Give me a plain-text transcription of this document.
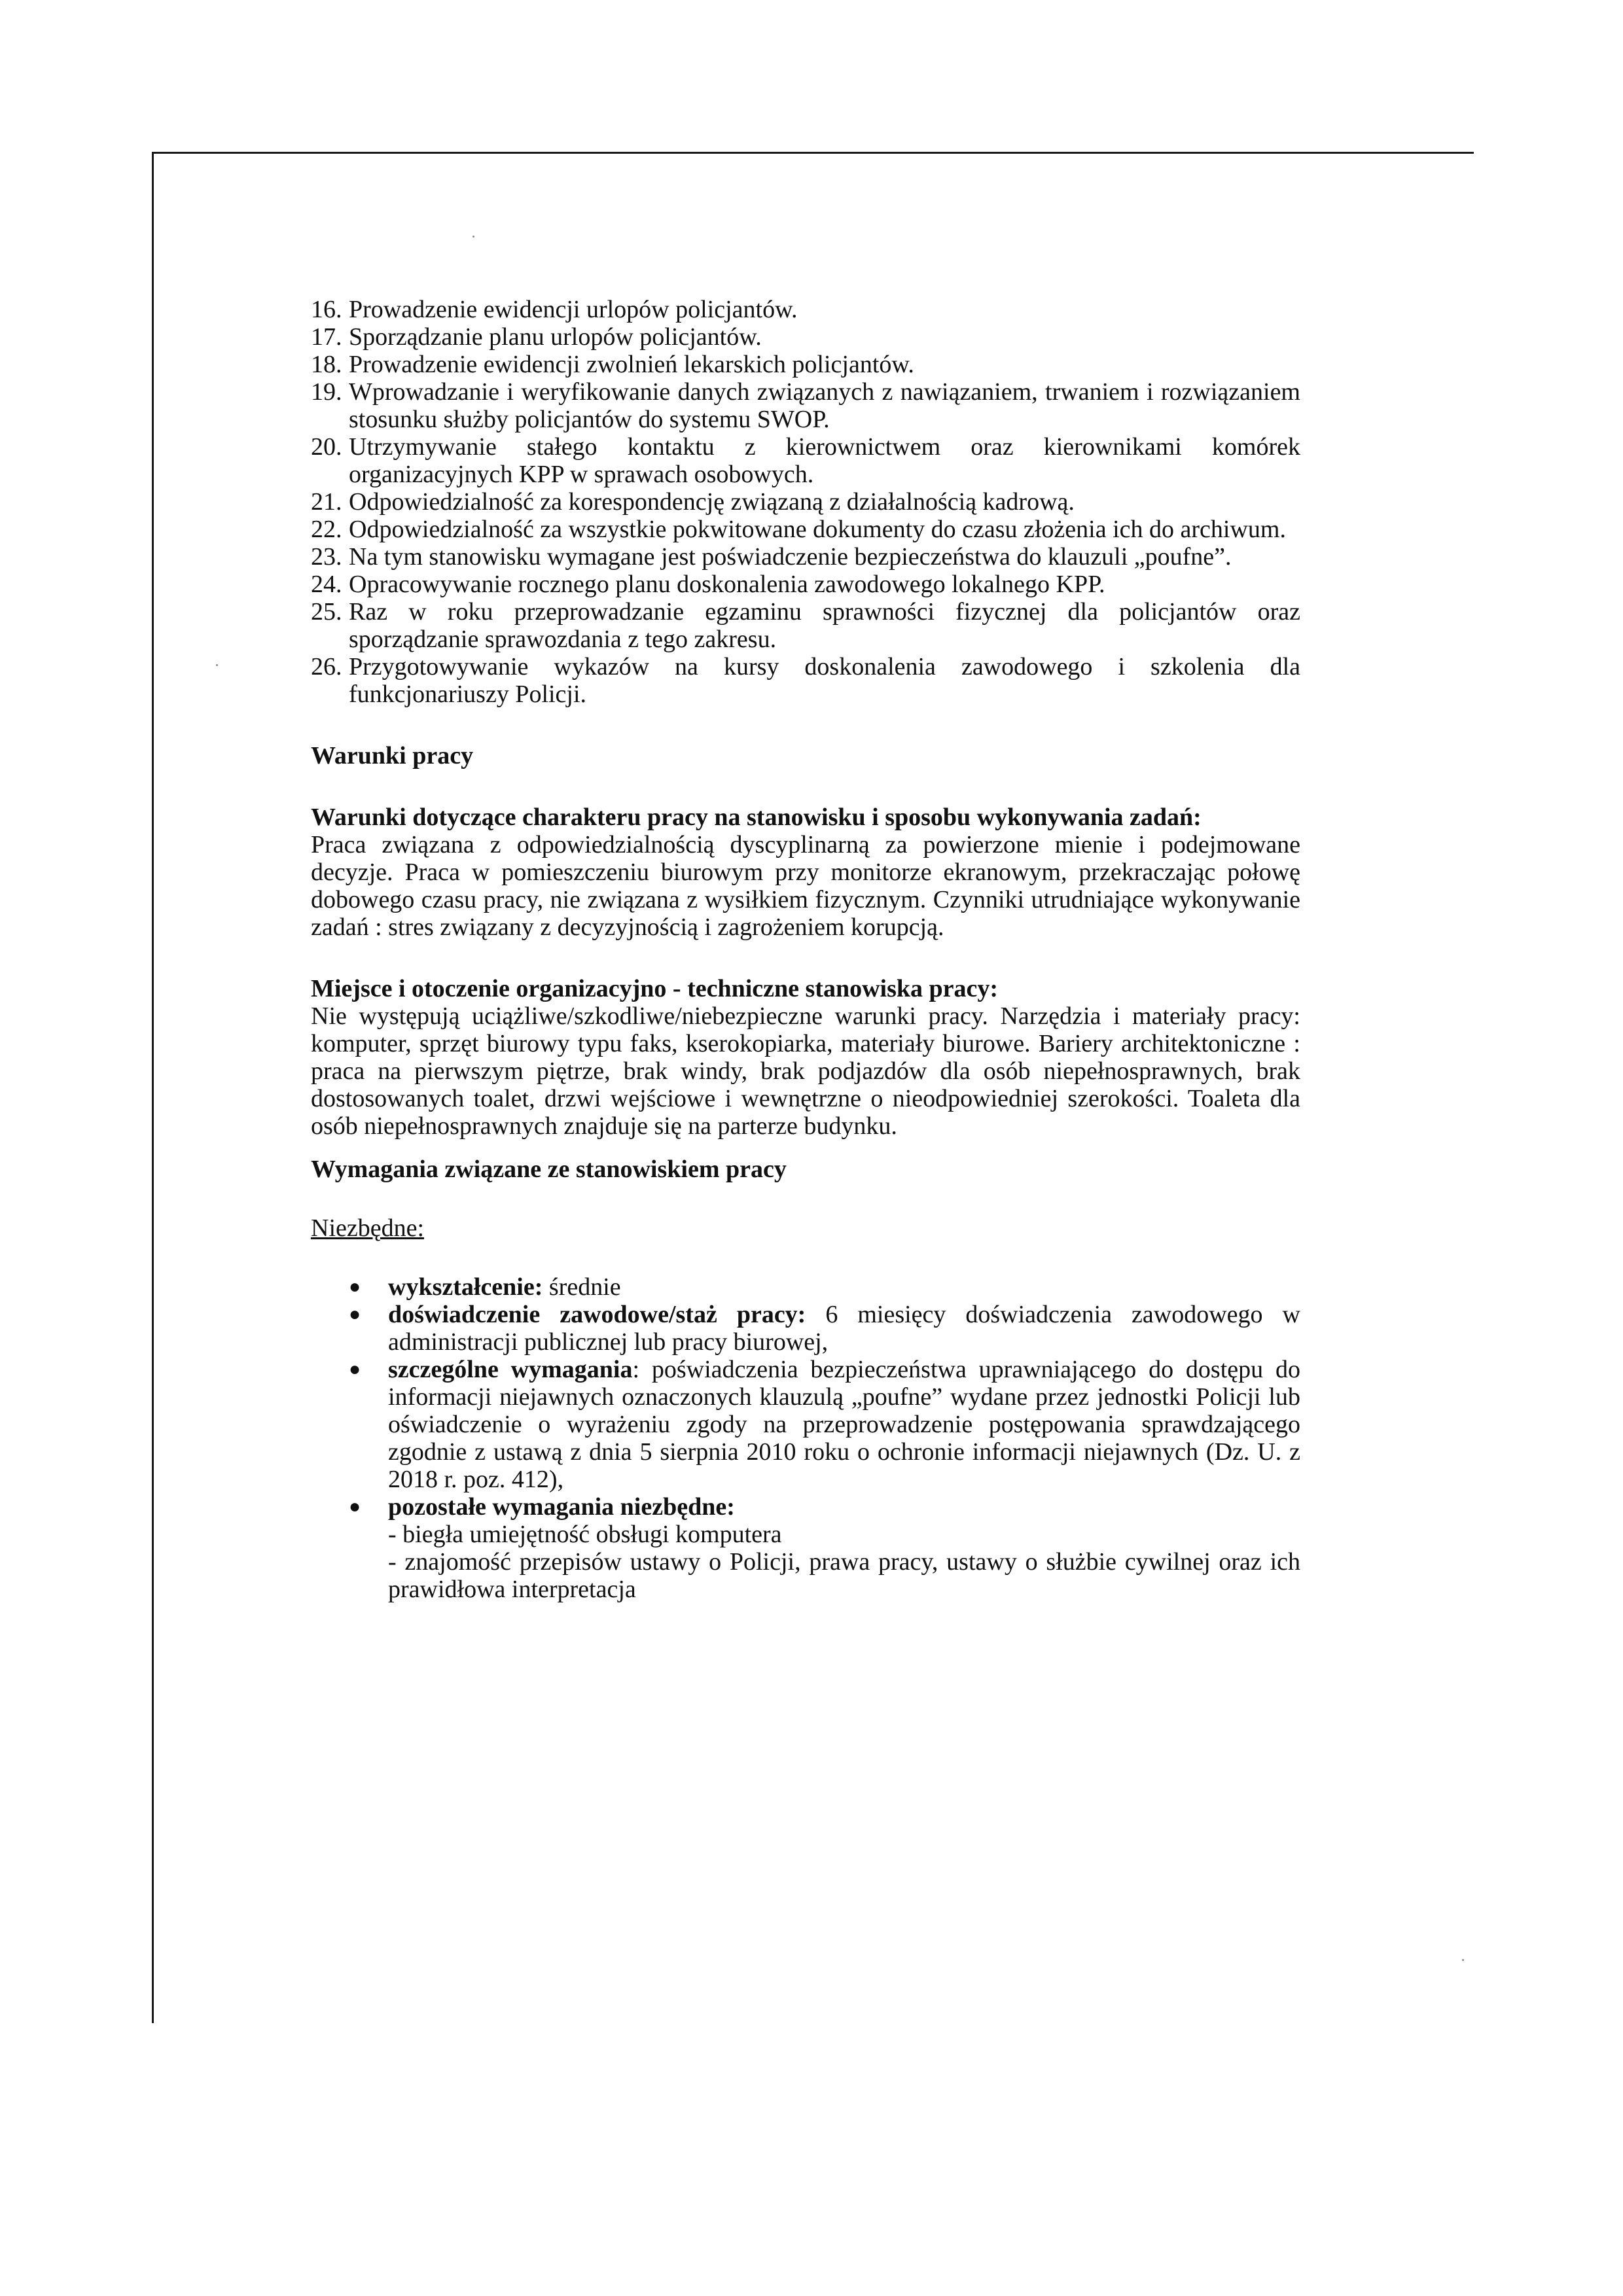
16. Prowadzenie ewidencji urlopów policjantów.
17. Sporządzanie planu urlopów policjantów.
18. Prowadzenie ewidencji zwolnień lekarskich policjantów.
19. Wprowadzanie i weryfikowanie danych związanych z nawiązaniem, trwaniem i rozwiązaniem stosunku służby policjantów do systemu SWOP.
20. Utrzymywanie stałego kontaktu z kierownictwem oraz kierownikami komórek organizacyjnych KPP w sprawach osobowych.
21. Odpowiedzialność za korespondencję związaną z działalnością kadrową.
22. Odpowiedzialność za wszystkie pokwitowane dokumenty do czasu złożenia ich do archiwum.
23. Na tym stanowisku wymagane jest poświadczenie bezpieczeństwa do klauzuli „poufne”.
24. Opracowywanie rocznego planu doskonalenia zawodowego lokalnego KPP.
25. Raz w roku przeprowadzanie egzaminu sprawności fizycznej dla policjantów oraz sporządzanie sprawozdania z tego zakresu.
26. Przygotowywanie wykazów na kursy doskonalenia zawodowego i szkolenia dla funkcjonariuszy Policji.

Warunki pracy

Warunki dotyczące charakteru pracy na stanowisku i sposobu wykonywania zadań:

Praca związana z odpowiedzialnością dyscyplinarną za powierzone mienie i podejmowane decyzje. Praca w pomieszczeniu biurowym przy monitorze ekranowym, przekraczając połowę dobowego czasu pracy, nie związana z wysiłkiem fizycznym. Czynniki utrudniające wykonywanie zadań : stres związany z decyzyjnością i zagrożeniem korupcją.

Miejsce i otoczenie organizacyjno - techniczne stanowiska pracy:

Nie występują uciążliwe/szkodliwe/niebezpieczne warunki pracy. Narzędzia i materiały pracy: komputer, sprzęt biurowy typu faks, kserokopiarka, materiały biurowe. Bariery architektoniczne : praca na pierwszym piętrze, brak windy, brak podjazdów dla osób niepełnosprawnych, brak dostosowanych toalet, drzwi wejściowe i wewnętrzne o nieodpowiedniej szerokości. Toaleta dla osób niepełnosprawnych znajduje się na parterze budynku.

Wymagania związane ze stanowiskiem pracy

Niezbędne:

●	wykształcenie: średnie
●	doświadczenie zawodowe/staż pracy: 6 miesięcy doświadczenia zawodowego w administracji publicznej lub pracy biurowej,
●	szczególne wymagania: poświadczenia bezpieczeństwa uprawniającego do dostępu do informacji niejawnych oznaczonych klauzulą „poufne” wydane przez jednostki Policji lub oświadczenie o wyrażeniu zgody na przeprowadzenie postępowania sprawdzającego zgodnie z ustawą z dnia 5 sierpnia 2010 roku o ochronie informacji niejawnych (Dz. U. z 2018 r. poz. 412),
●	pozostałe wymagania niezbędne:
- biegła umiejętność obsługi komputera
- znajomość przepisów ustawy o Policji, prawa pracy, ustawy o służbie cywilnej oraz ich prawidłowa interpretacja
